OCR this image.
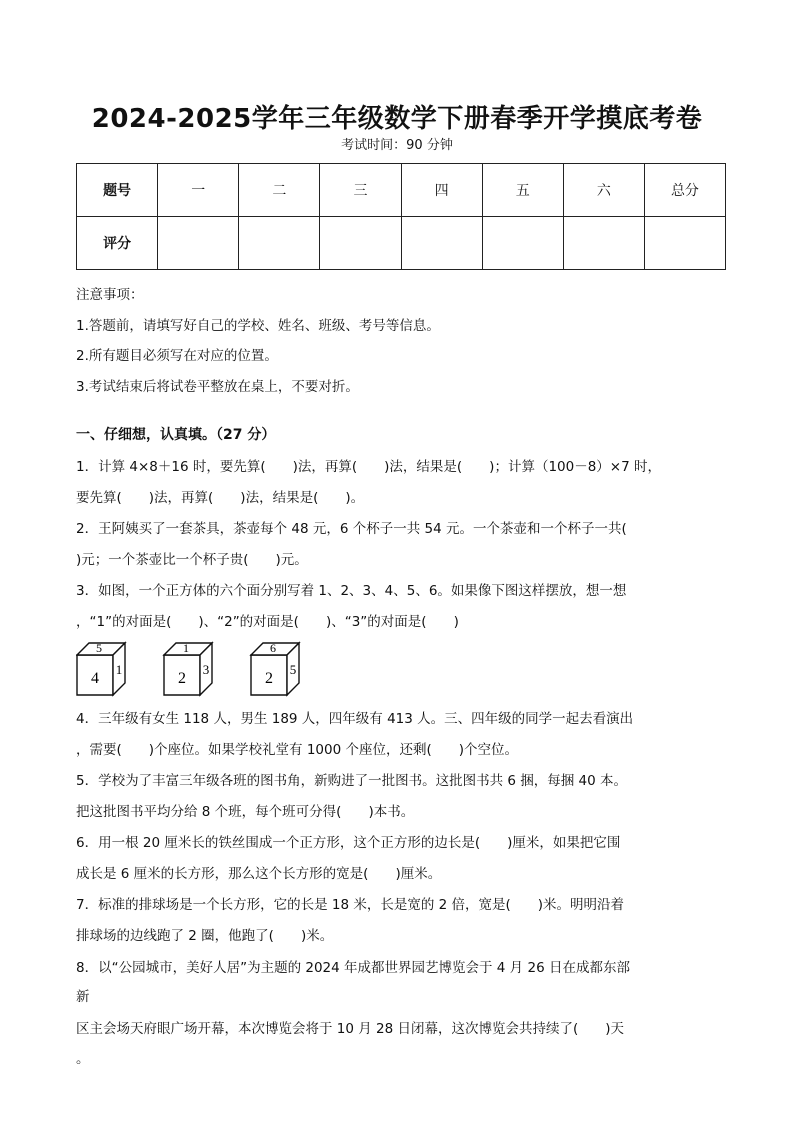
2024-2025学年三年级数学下册春季开学摸底考卷
考试时间：90 分钟
题号	一	二	三	四	五	六	总分
评分							
注意事项：
1.答题前，请填写好自己的学校、姓名、班级、考号等信息。
2.所有题目必须写在对应的位置。
3.考试结束后将试卷平整放在桌上，不要对折。
一、仔细想，认真填。（27 分）
1．计算 4×8＋16 时，要先算(　　)法，再算(　　)法，结果是(　　)；计算（100－8）×7 时，
要先算(　　)法，再算(　　)法，结果是(　　)。
2．王阿姨买了一套茶具，茶壶每个 48 元，6 个杯子一共 54 元。一个茶壶和一个杯子一共(
)元；一个茶壶比一个杯子贵(　　)元。
3．如图，一个正方体的六个面分别写着 1、2、3、4、5、6。如果像下图这样摆放，想一想
，“1”的对面是(　　)、“2”的对面是(　　)、“3”的对面是(　　)
5
4
1
1
2
3
6
2
5
4．三年级有女生 118 人，男生 189 人，四年级有 413 人。三、四年级的同学一起去看演出
，需要(　　)个座位。如果学校礼堂有 1000 个座位，还剩(　　)个空位。
5．学校为了丰富三年级各班的图书角，新购进了一批图书。这批图书共 6 捆，每捆 40 本。
把这批图书平均分给 8 个班，每个班可分得(　　)本书。
6．用一根 20 厘米长的铁丝围成一个正方形，这个正方形的边长是(　　)厘米，如果把它围
成长是 6 厘米的长方形，那么这个长方形的宽是(　　)厘米。
7．标准的排球场是一个长方形，它的长是 18 米，长是宽的 2 倍，宽是(　　)米。明明沿着
排球场的边线跑了 2 圈，他跑了(　　)米。
8．以“公园城市，美好人居”为主题的 2024 年成都世界园艺博览会于 4 月 26 日在成都东部
新
区主会场天府眼广场开幕，本次博览会将于 10 月 28 日闭幕，这次博览会共持续了(　　)天
。
